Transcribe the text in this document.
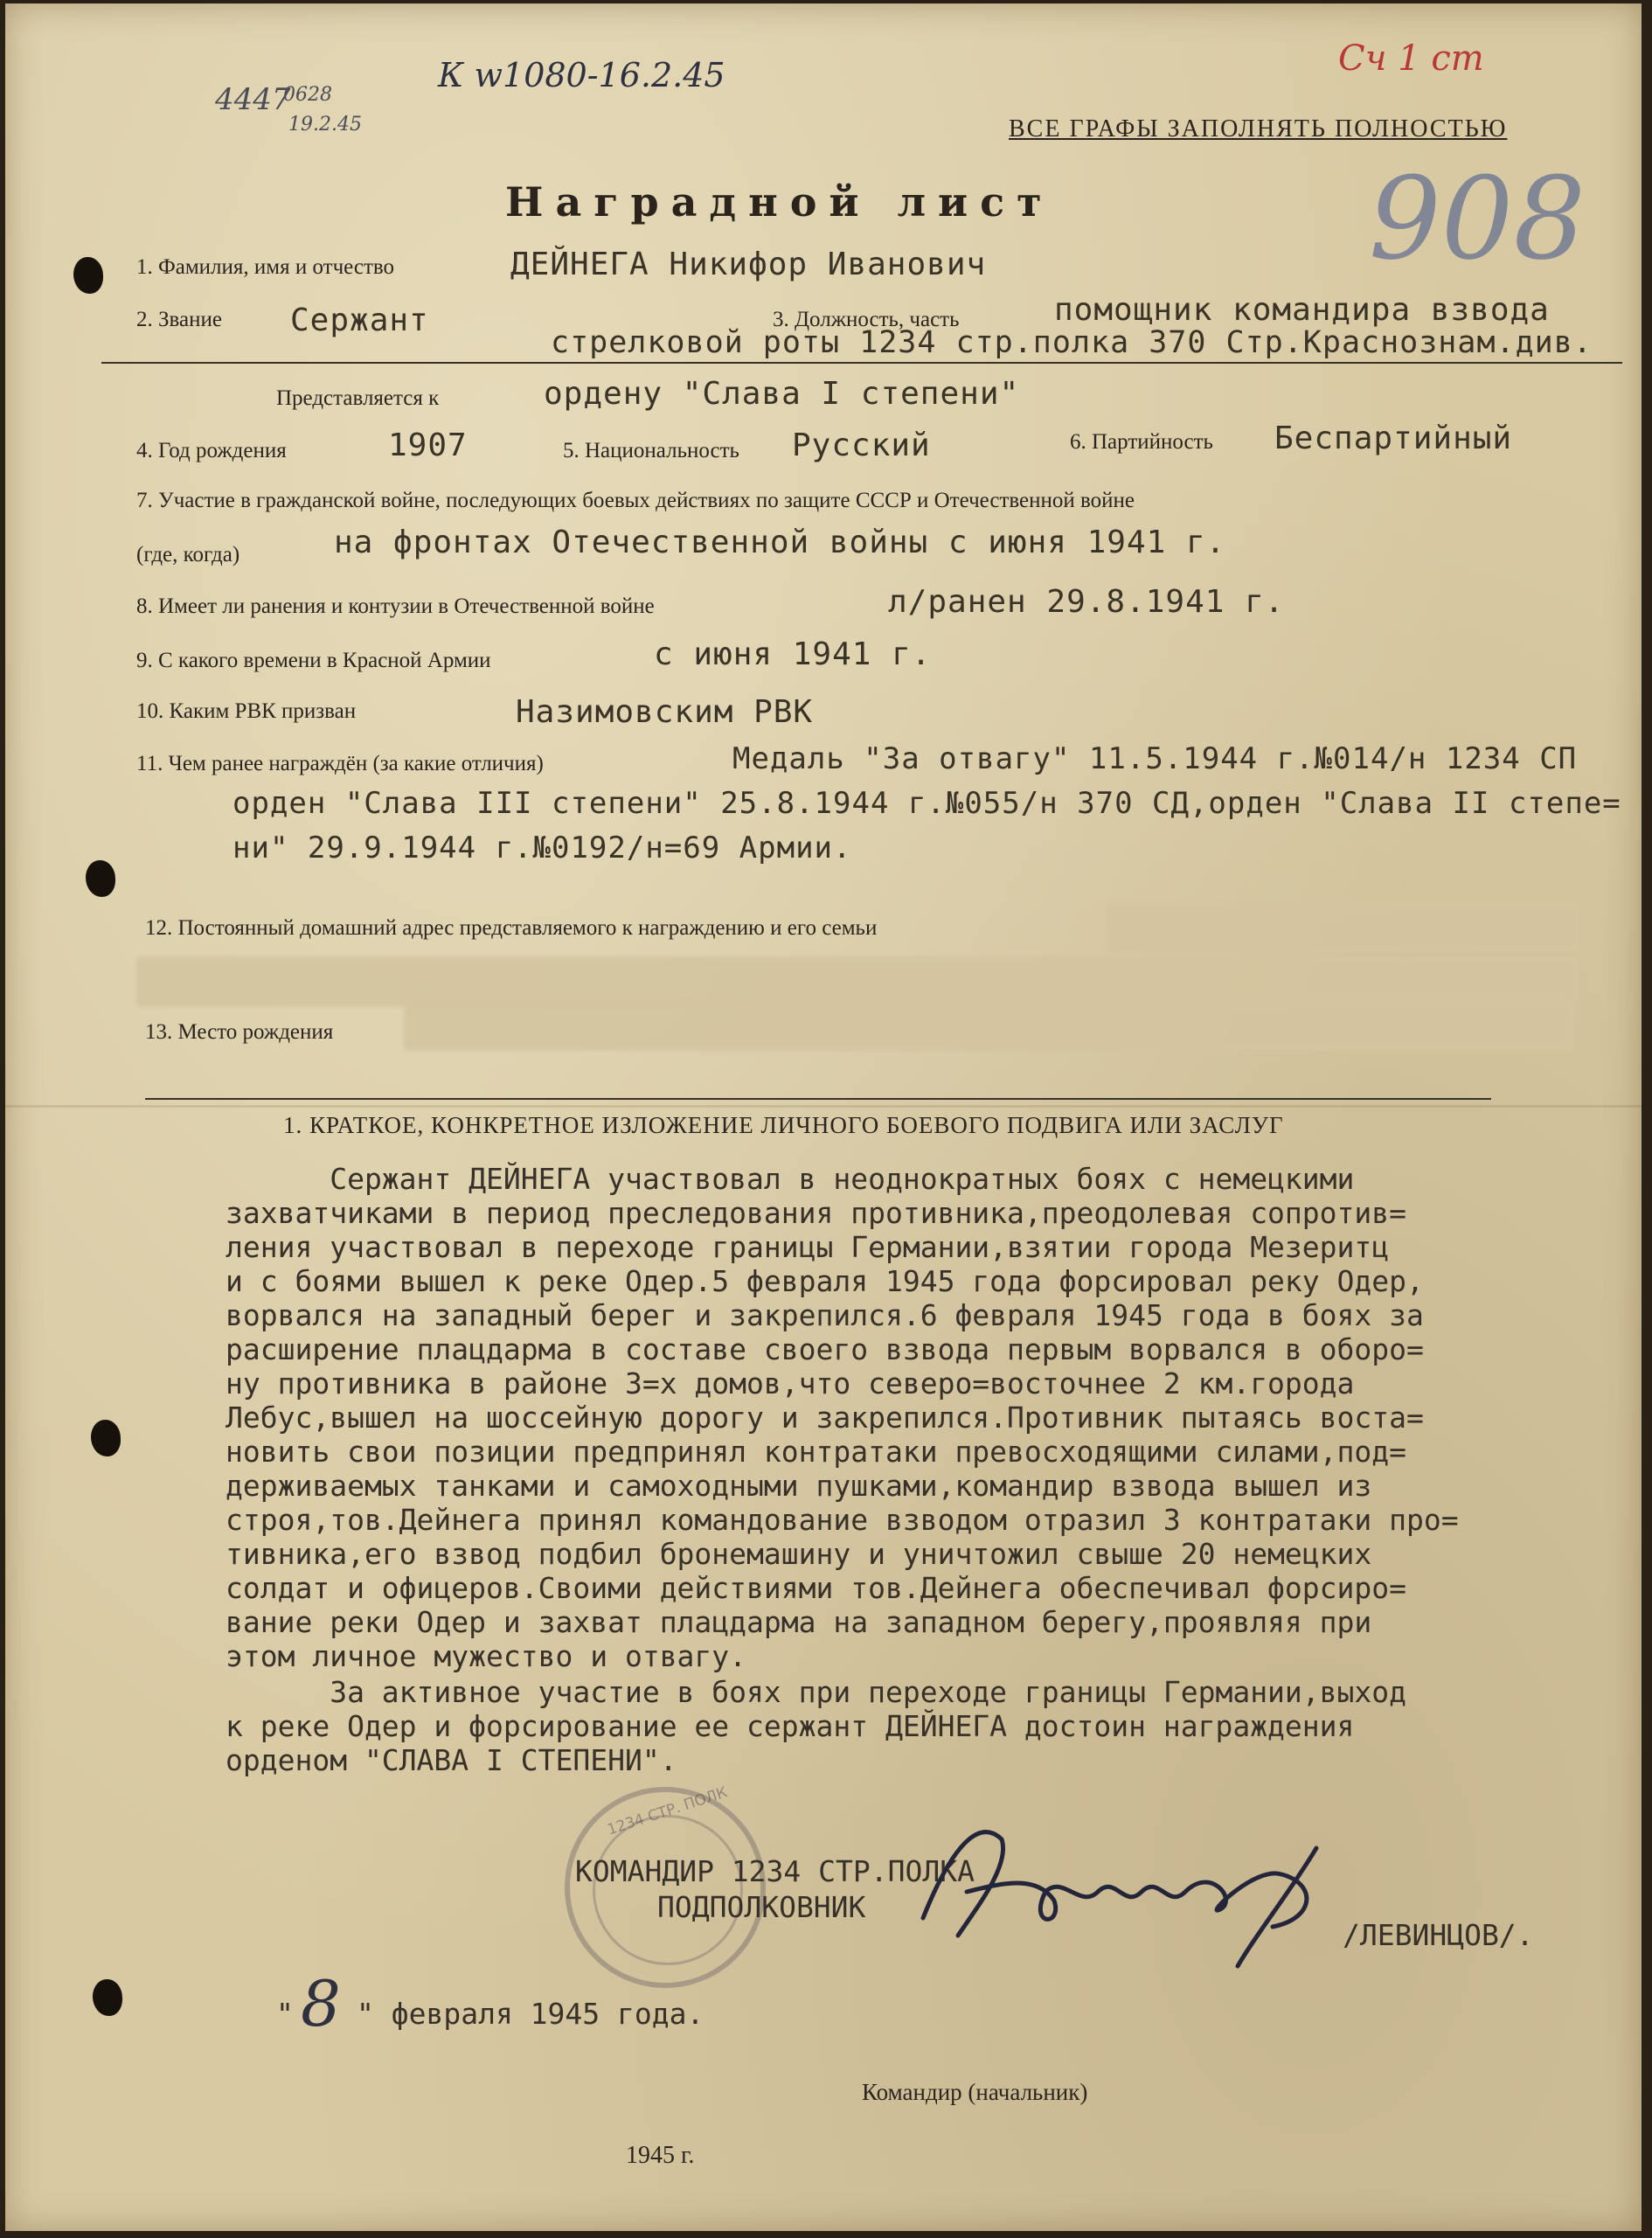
К w1080-16.2.45
4447
0628
19.2.45
Сч 1 ст
908
ВСЕ ГРАФЫ ЗАПОЛНЯТЬ ПОЛНОСТЬЮ
Наградной лист
1. Фамилия, имя и отчество	ДЕЙНЕГА Никифор Иванович
2. Звание Сержант	3. Должность, часть	помощник командира взвода
стрелковой роты 1234 стр.полка 370 Стр.Краснознам.див.
Представляется к	ордену "Слава I степени"
4. Год рождения	1907	5. Национальность Русский	6. Партийность Беспартийный
7. Участие в гражданской войне, последующих боевых действиях по защите СССР и Отечественной войне
(где, когда)	на фронтах Отечественной войны с июня 1941 г.
8. Имеет ли ранения и контузии в Отечественной войне	л/ранен 29.8.1941 г.
9. С какого времени в Красной Армии	с июня 1941 г.
10. Каким РВК призван	Назимовским РВК
11. Чем ранее награждён (за какие отличия)	Медаль "За отвагу" 11.5.1944 г.№014/н 1234 СП
орден "Слава III степени" 25.8.1944 г.№055/н 370 СД,орден "Слава II степе=
ни" 29.9.1944 г.№0192/н=69 Армии.
12. Постоянный домашний адрес представляемого к награждению и его семьи
13. Место рождения
1. КРАТКОЕ, КОНКРЕТНОЕ ИЗЛОЖЕНИЕ ЛИЧНОГО БОЕВОГО ПОДВИГА ИЛИ ЗАСЛУГ
Сержант ДЕЙНЕГА участвовал в неоднократных боях с немецкими
захватчиками в период преследования противника,преодолевая сопротив=
ления участвовал в переходе границы Германии,взятии города Мезеритц
и с боями вышел к реке Одер.5 февраля 1945 года форсировал реку Одер,
ворвался на западный берег и закрепился.6 февраля 1945 года в боях за
расширение плацдарма в составе своего взвода первым ворвался в оборо=
ну противника в районе 3=х домов,что северо=восточнее 2 км.города
Лебус,вышел на шоссейную дорогу и закрепился.Противник пытаясь воста=
новить свои позиции предпринял контратаки превосходящими силами,под=
держиваемых танками и самоходными пушками,командир взвода вышел из
строя,тов.Дейнега принял командование взводом отразил 3 контратаки про=
тивника,его взвод подбил бронемашину и уничтожил свыше 20 немецких
солдат и офицеров.Своими действиями тов.Дейнега обеспечивал форсиро=
вание реки Одер и захват плацдарма на западном берегу,проявляя при
этом личное мужество и отвагу.
За активное участие в боях при переходе границы Германии,выход
к реке Одер и форсирование ее сержант ДЕЙНЕГА достоин награждения
орденом "СЛАВА I СТЕПЕНИ".
1234 СТР. ПОЛК
КОМАНДИР 1234 СТР.ПОЛКА
ПОДПОЛКОВНИК
/ЛЕВИНЦОВ/.
" 8 " февраля 1945 года.
Командир (начальник)
1945 г.
